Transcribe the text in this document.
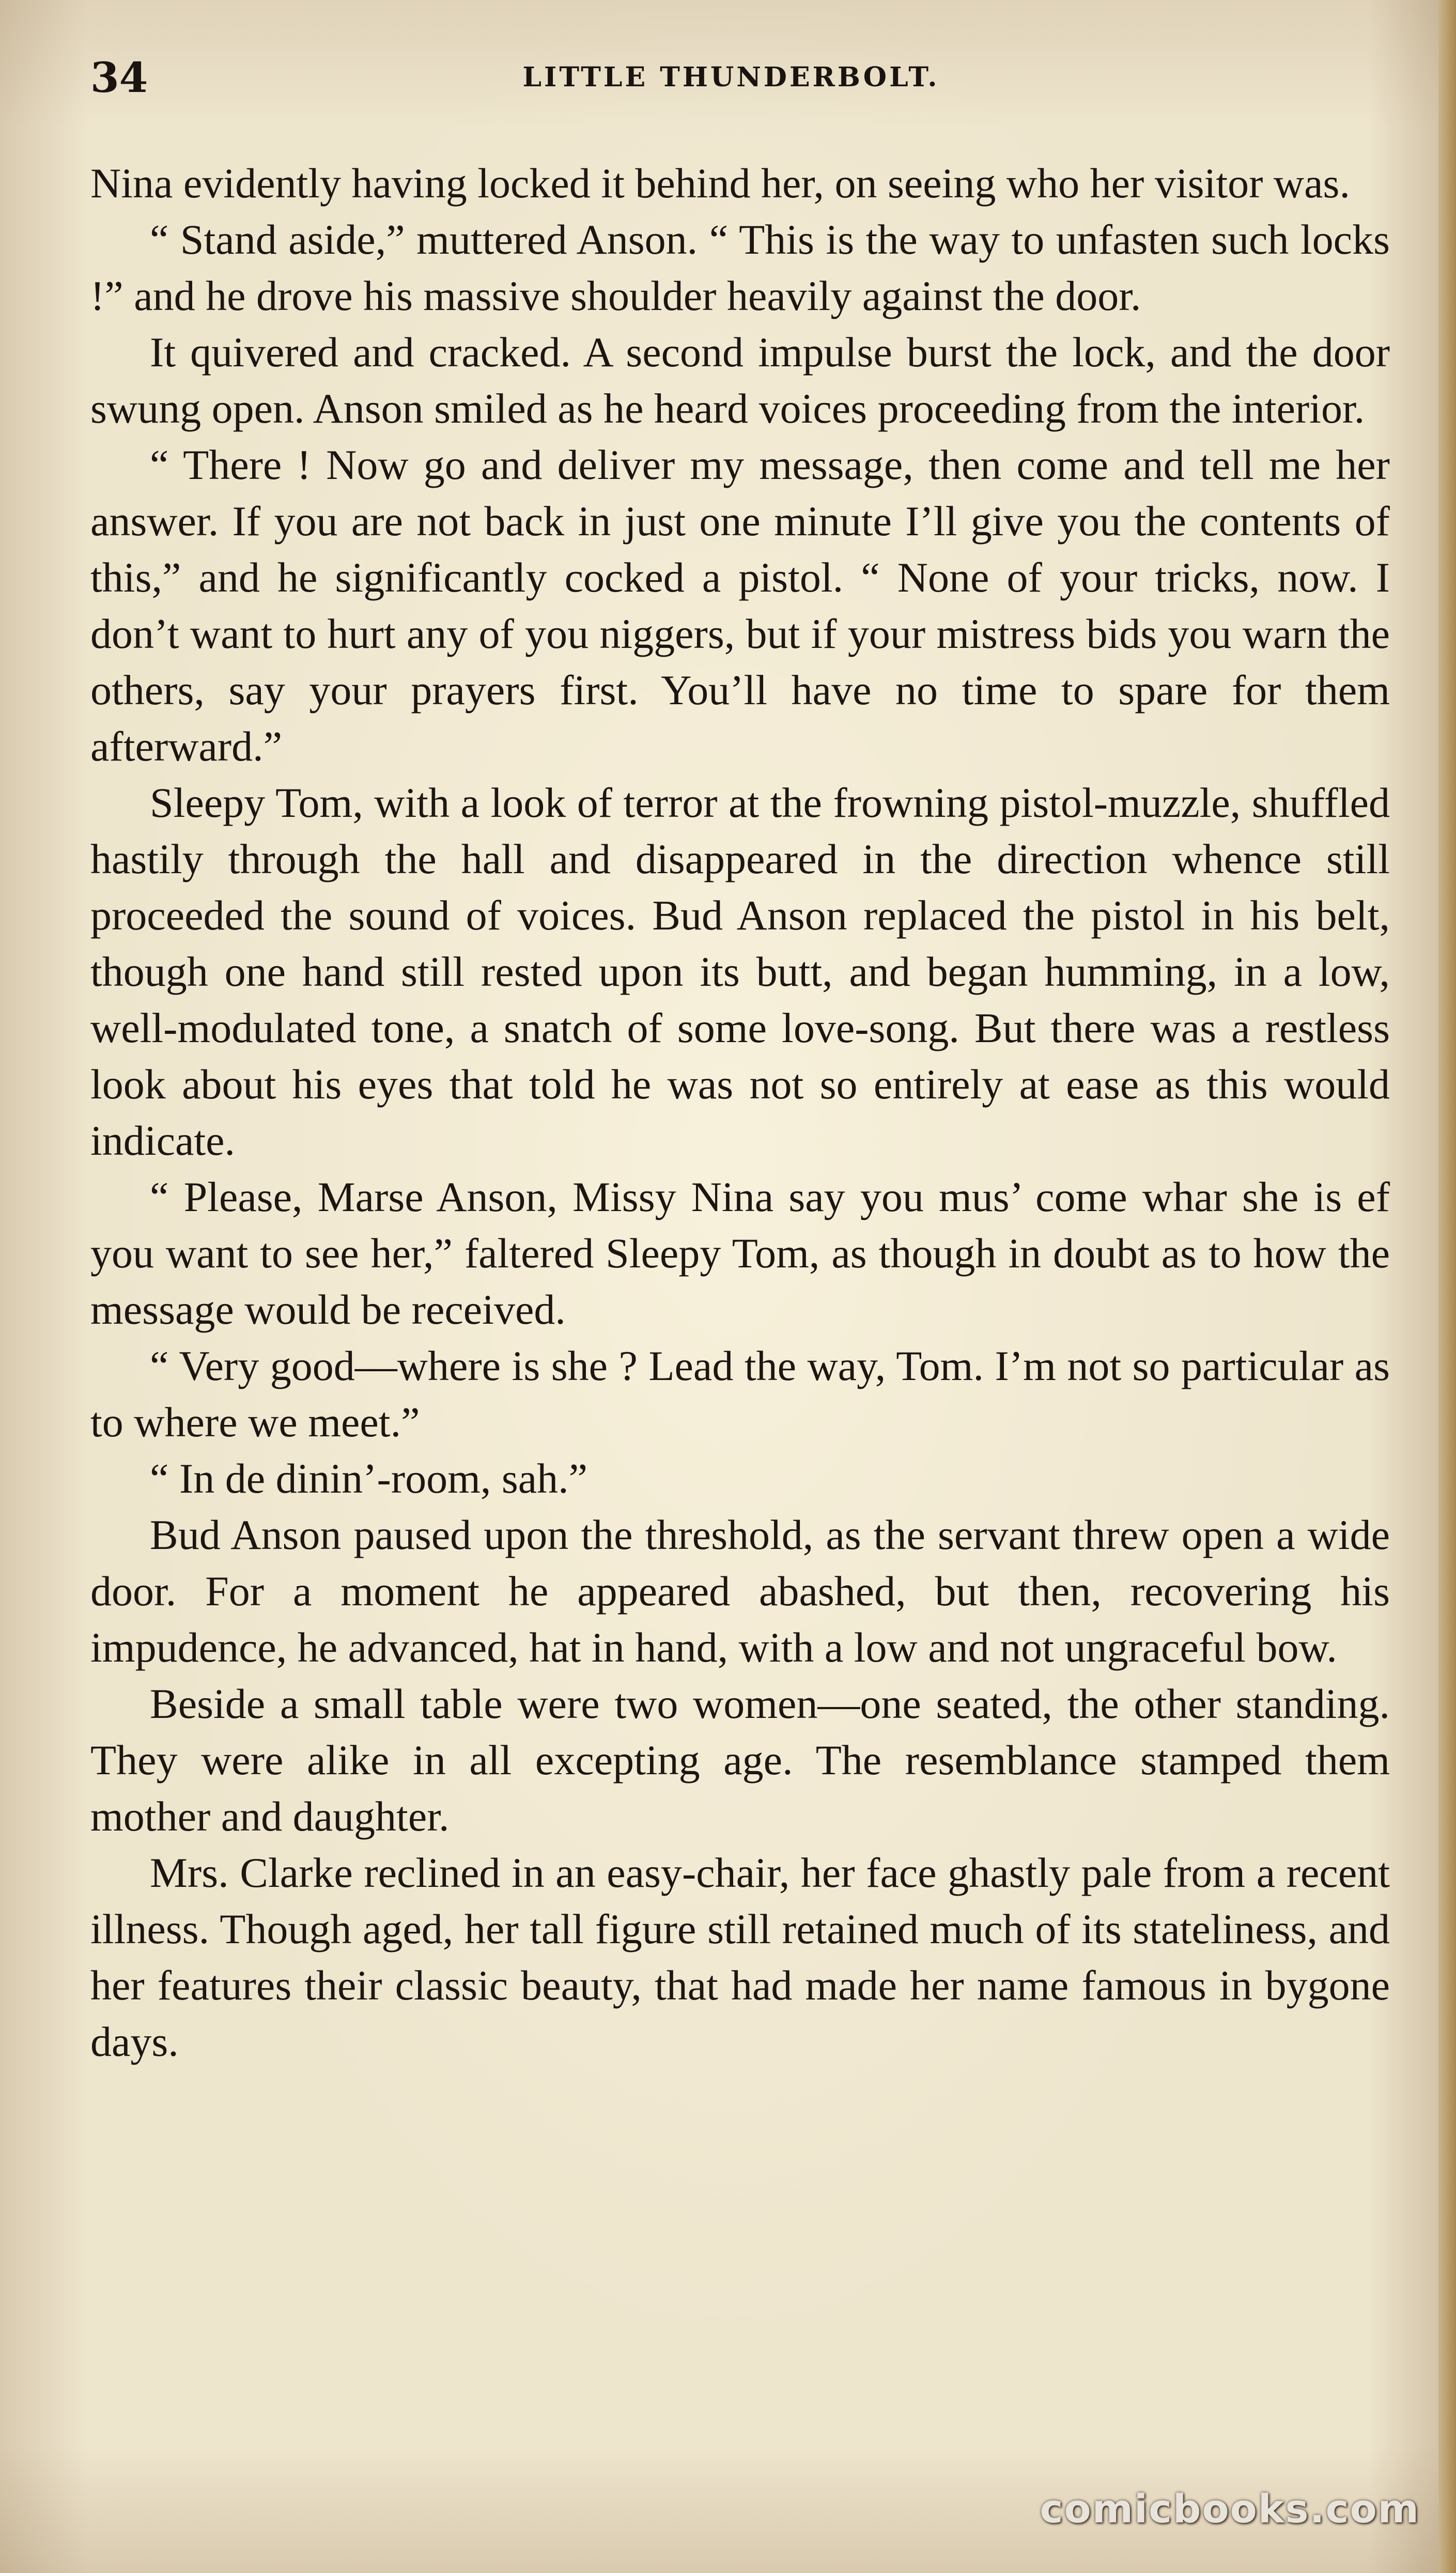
34	LITTLE THUNDERBOLT.

Nina evidently having locked it behind her, on seeing who her visitor was.

“ Stand aside,” muttered Anson. “ This is the way to unfasten such locks !” and he drove his massive shoulder heavily against the door.

It quivered and cracked. A second impulse burst the lock, and the door swung open. Anson smiled as he heard voices proceeding from the interior.

“ There ! Now go and deliver my message, then come and tell me her answer. If you are not back in just one minute I’ll give you the contents of this,” and he significantly cocked a pistol. “ None of your tricks, now. I don’t want to hurt any of you niggers, but if your mistress bids you warn the others, say your prayers first. You’ll have no time to spare for them afterward.”

Sleepy Tom, with a look of terror at the frowning pistol-muzzle, shuffled hastily through the hall and disappeared in the direction whence still proceeded the sound of voices. Bud Anson replaced the pistol in his belt, though one hand still rested upon its butt, and began humming, in a low, well-modulated tone, a snatch of some love-song. But there was a restless look about his eyes that told he was not so entirely at ease as this would indicate.

“ Please, Marse Anson, Missy Nina say you mus’ come whar she is ef you want to see her,” faltered Sleepy Tom, as though in doubt as to how the message would be received.

“ Very good—where is she ? Lead the way, Tom. I’m not so particular as to where we meet.”

“ In de dinin’-room, sah.”

Bud Anson paused upon the threshold, as the servant threw open a wide door. For a moment he appeared abashed, but then, recovering his impudence, he advanced, hat in hand, with a low and not ungraceful bow.

Beside a small table were two women—one seated, the other standing. They were alike in all excepting age. The resemblance stamped them mother and daughter.

Mrs. Clarke reclined in an easy-chair, her face ghastly pale from a recent illness. Though aged, her tall figure still retained much of its stateliness, and her features their classic beauty, that had made her name famous in bygone days.

comicbooks.com
